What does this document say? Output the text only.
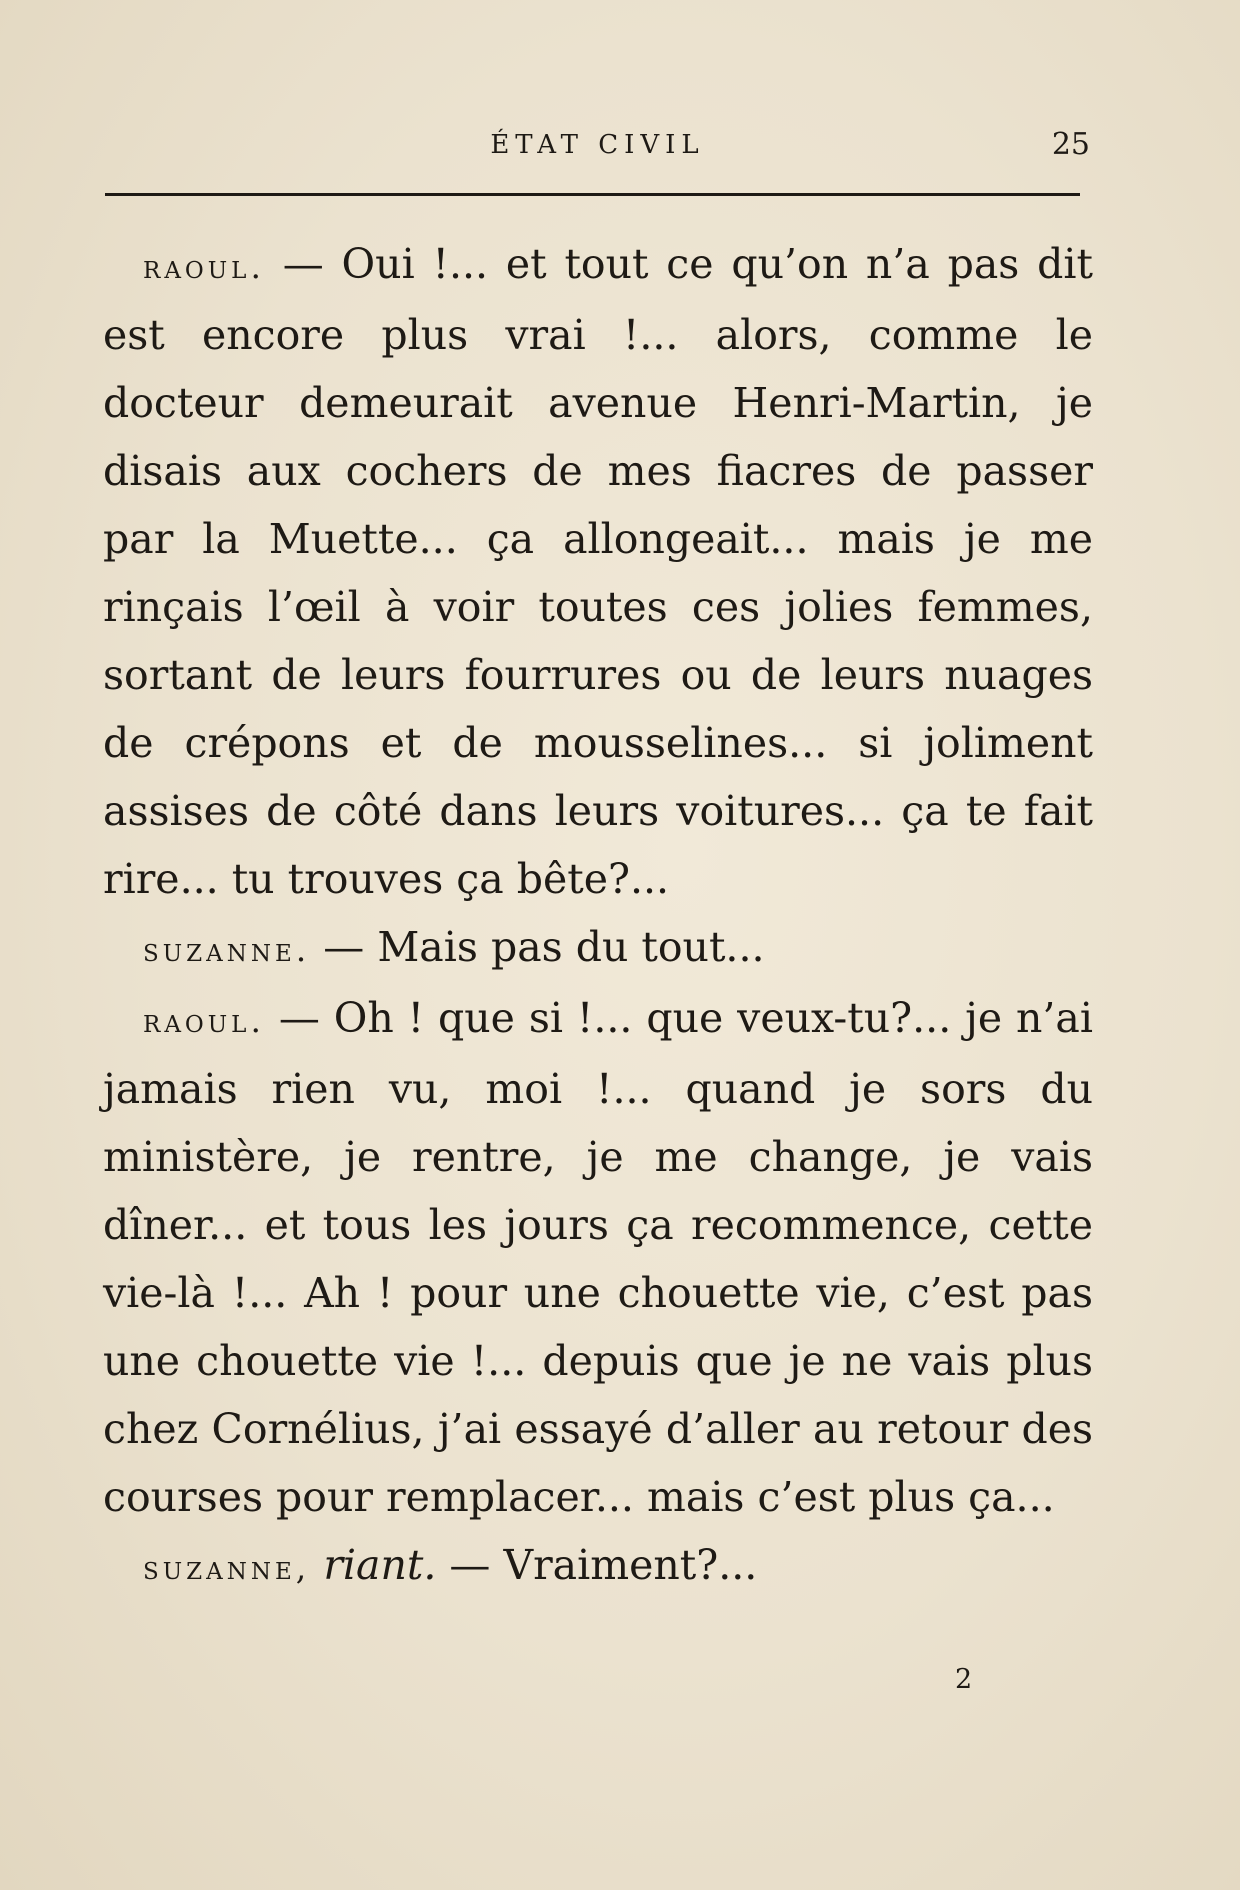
ÉTAT CIVIL	25

raoul. — Oui !... et tout ce qu’on n’a pas dit est encore plus vrai !... alors, comme le docteur demeurait avenue Henri-Martin, je disais aux cochers de mes fiacres de passer par la Muette... ça allongeait... mais je me rinçais l’œil à voir toutes ces jolies femmes, sortant de leurs fourrures ou de leurs nuages de crépons et de mousselines... si joliment assises de côté dans leurs voitures... ça te fait rire... tu trouves ça bête?...

suzanne. — Mais pas du tout...

raoul. — Oh ! que si !... que veux-tu?... je n’ai jamais rien vu, moi !... quand je sors du ministère, je rentre, je me change, je vais dîner... et tous les jours ça recommence, cette vie-là !... Ah ! pour une chouette vie, c’est pas une chouette vie !... depuis que je ne vais plus chez Cornélius, j’ai essayé d’aller au retour des courses pour remplacer... mais c’est plus ça...

suzanne, riant. — Vraiment?...

2
